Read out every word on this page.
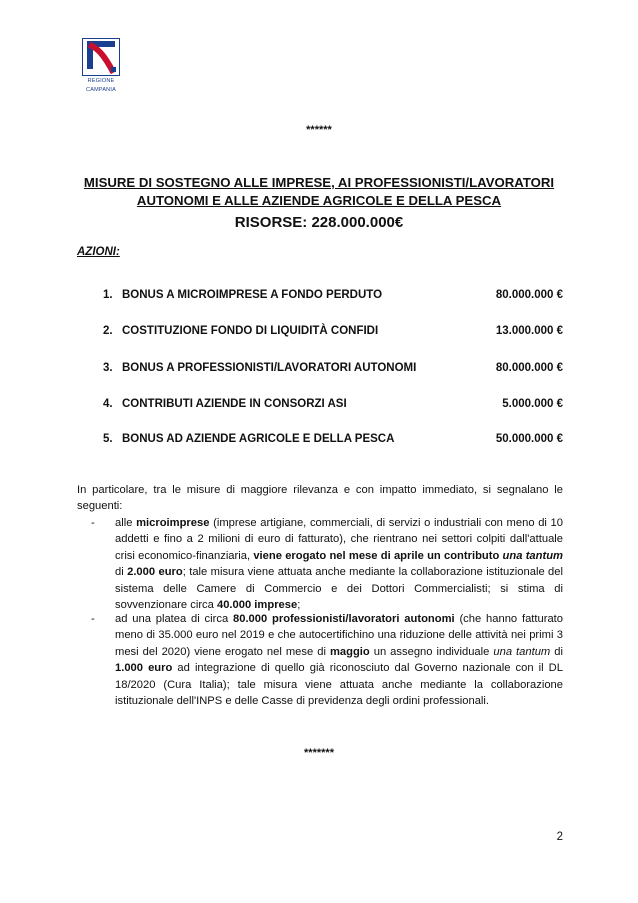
REGIONE CAMPANIA
******
MISURE DI SOSTEGNO ALLE IMPRESE, AI PROFESSIONISTI/LAVORATORI
AUTONOMI E ALLE AZIENDE AGRICOLE E DELLA PESCA
RISORSE: 228.000.000€
AZIONI:
1. BONUS A MICROIMPRESE A FONDO PERDUTO	80.000.000 €
2. COSTITUZIONE FONDO DI LIQUIDITÀ CONFIDI	13.000.000 €
3. BONUS A PROFESSIONISTI/LAVORATORI AUTONOMI	80.000.000 €
4. CONTRIBUTI AZIENDE IN CONSORZI ASI	5.000.000 €
5. BONUS AD AZIENDE AGRICOLE E DELLA PESCA	50.000.000 €
In particolare, tra le misure di maggiore rilevanza e con impatto immediato, si segnalano le seguenti:
- alle microimprese (imprese artigiane, commerciali, di servizi o industriali con meno di 10 addetti e fino a 2 milioni di euro di fatturato), che rientrano nei settori colpiti dall'attuale crisi economico-finanziaria, viene erogato nel mese di aprile un contributo una tantum di 2.000 euro; tale misura viene attuata anche mediante la collaborazione istituzionale del sistema delle Camere di Commercio e dei Dottori Commercialisti; si stima di sovvenzionare circa 40.000 imprese;
- ad una platea di circa 80.000 professionisti/lavoratori autonomi (che hanno fatturato meno di 35.000 euro nel 2019 e che autocertifichino una riduzione delle attività nei primi 3 mesi del 2020) viene erogato nel mese di maggio un assegno individuale una tantum di 1.000 euro ad integrazione di quello già riconosciuto dal Governo nazionale con il DL 18/2020 (Cura Italia); tale misura viene attuata anche mediante la collaborazione istituzionale dell'INPS e delle Casse di previdenza degli ordini professionali.
*******
2
